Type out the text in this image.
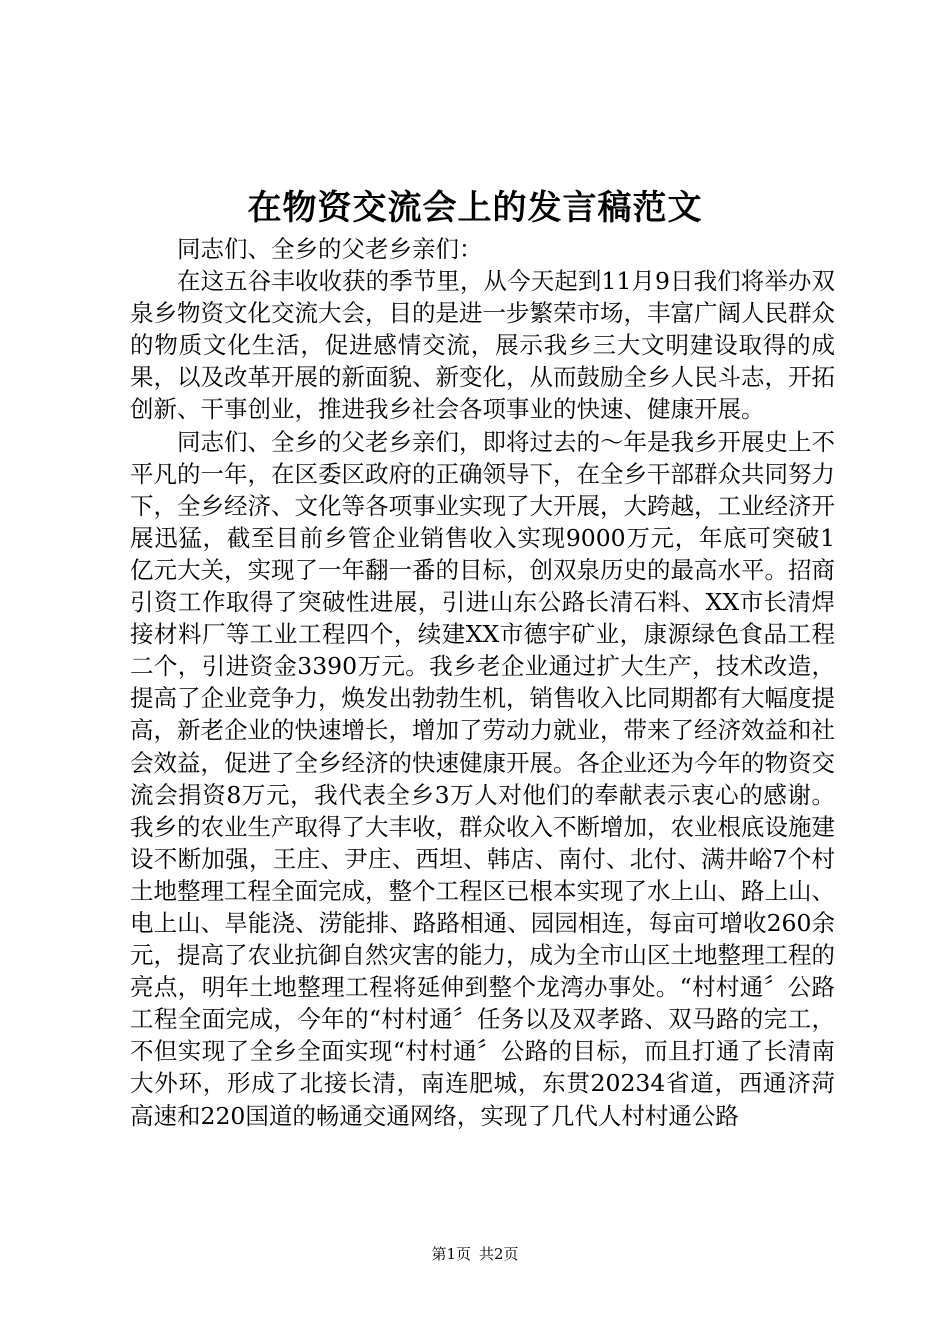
在物资交流会上的发言稿范文

同志们、全乡的父老乡亲们：

在这五谷丰收收获的季节里，从今天起到11月9日我们将举办双泉乡物资文化交流大会，目的是进一步繁荣市场，丰富广阔人民群众的物质文化生活，促进感情交流，展示我乡三大文明建设取得的成果，以及改革开展的新面貌、新变化，从而鼓励全乡人民斗志，开拓创新、干事创业，推进我乡社会各项事业的快速、健康开展。

同志们、全乡的父老乡亲们，即将过去的～年是我乡开展史上不平凡的一年，在区委区政府的正确领导下，在全乡干部群众共同努力下，全乡经济、文化等各项事业实现了大开展，大跨越，工业经济开展迅猛，截至目前乡管企业销售收入实现9000万元，年底可突破1亿元大关，实现了一年翻一番的目标，创双泉历史的最高水平。招商引资工作取得了突破性进展，引进山东公路长清石料、XX市长清焊接材料厂等工业工程四个，续建XX市德宇矿业，康源绿色食品工程二个，引进资金3390万元。我乡老企业通过扩大生产，技术改造，提高了企业竞争力，焕发出勃勃生机，销售收入比同期都有大幅度提高，新老企业的快速增长，增加了劳动力就业，带来了经济效益和社会效益，促进了全乡经济的快速健康开展。各企业还为今年的物资交流会捐资8万元，我代表全乡3万人对他们的奉献表示衷心的感谢。我乡的农业生产取得了大丰收，群众收入不断增加，农业根底设施建设不断加强，王庄、尹庄、西坦、韩店、南付、北付、满井峪7个村土地整理工程全面完成，整个工程区已根本实现了水上山、路上山、电上山、旱能浇、涝能排、路路相通、园园相连，每亩可增收260余元，提高了农业抗御自然灾害的能力，成为全市山区土地整理工程的亮点，明年土地整理工程将延伸到整个龙湾办事处。“村村通〞公路工程全面完成，今年的“村村通〞任务以及双孝路、双马路的完工，不但实现了全乡全面实现“村村通〞公路的目标，而且打通了长清南大外环，形成了北接长清，南连肥城，东贯20234省道，西通济菏高速和220国道的畅通交通网络，实现了几代人村村通公路

第1页 共2页
